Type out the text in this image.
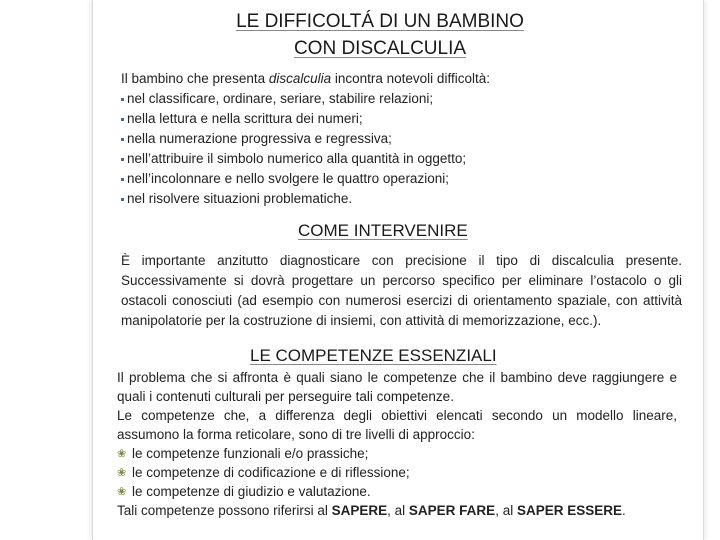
LE DIFFICOLTÁ DI UN BAMBINO
CON DISCALCULIA
Il bambino che presenta discalculia incontra notevoli difficoltà:
nel classificare, ordinare, seriare, stabilire relazioni;
nella lettura e nella scrittura dei numeri;
nella numerazione progressiva e regressiva;
nell’attribuire il simbolo numerico alla quantità in oggetto;
nell’incolonnare e nello svolgere le quattro operazioni;
nel risolvere situazioni problematiche.
COME INTERVENIRE
È importante anzitutto diagnosticare con precisione il tipo di discalculia presente. Successivamente si dovrà progettare un percorso specifico per eliminare l’ostacolo o gli ostacoli conosciuti (ad esempio con numerosi esercizi di orientamento spaziale, con attività manipolatorie per la costruzione di insiemi, con attività di memorizzazione, ecc.).
LE COMPETENZE ESSENZIALI

Il problema che si affronta è quali siano le competenze che il bambino deve raggiungere e quali i contenuti culturali per perseguire tali competenze.

Le competenze che, a differenza degli obiettivi elencati secondo un modello lineare, assumono la forma reticolare, sono di tre livelli di approccio:

❀ le competenze funzionali e/o prassiche;
❀ le competenze di codificazione e di riflessione;
❀ le competenze di giudizio e valutazione.

Tali competenze possono riferirsi al SAPERE, al SAPER FARE, al SAPER ESSERE.
